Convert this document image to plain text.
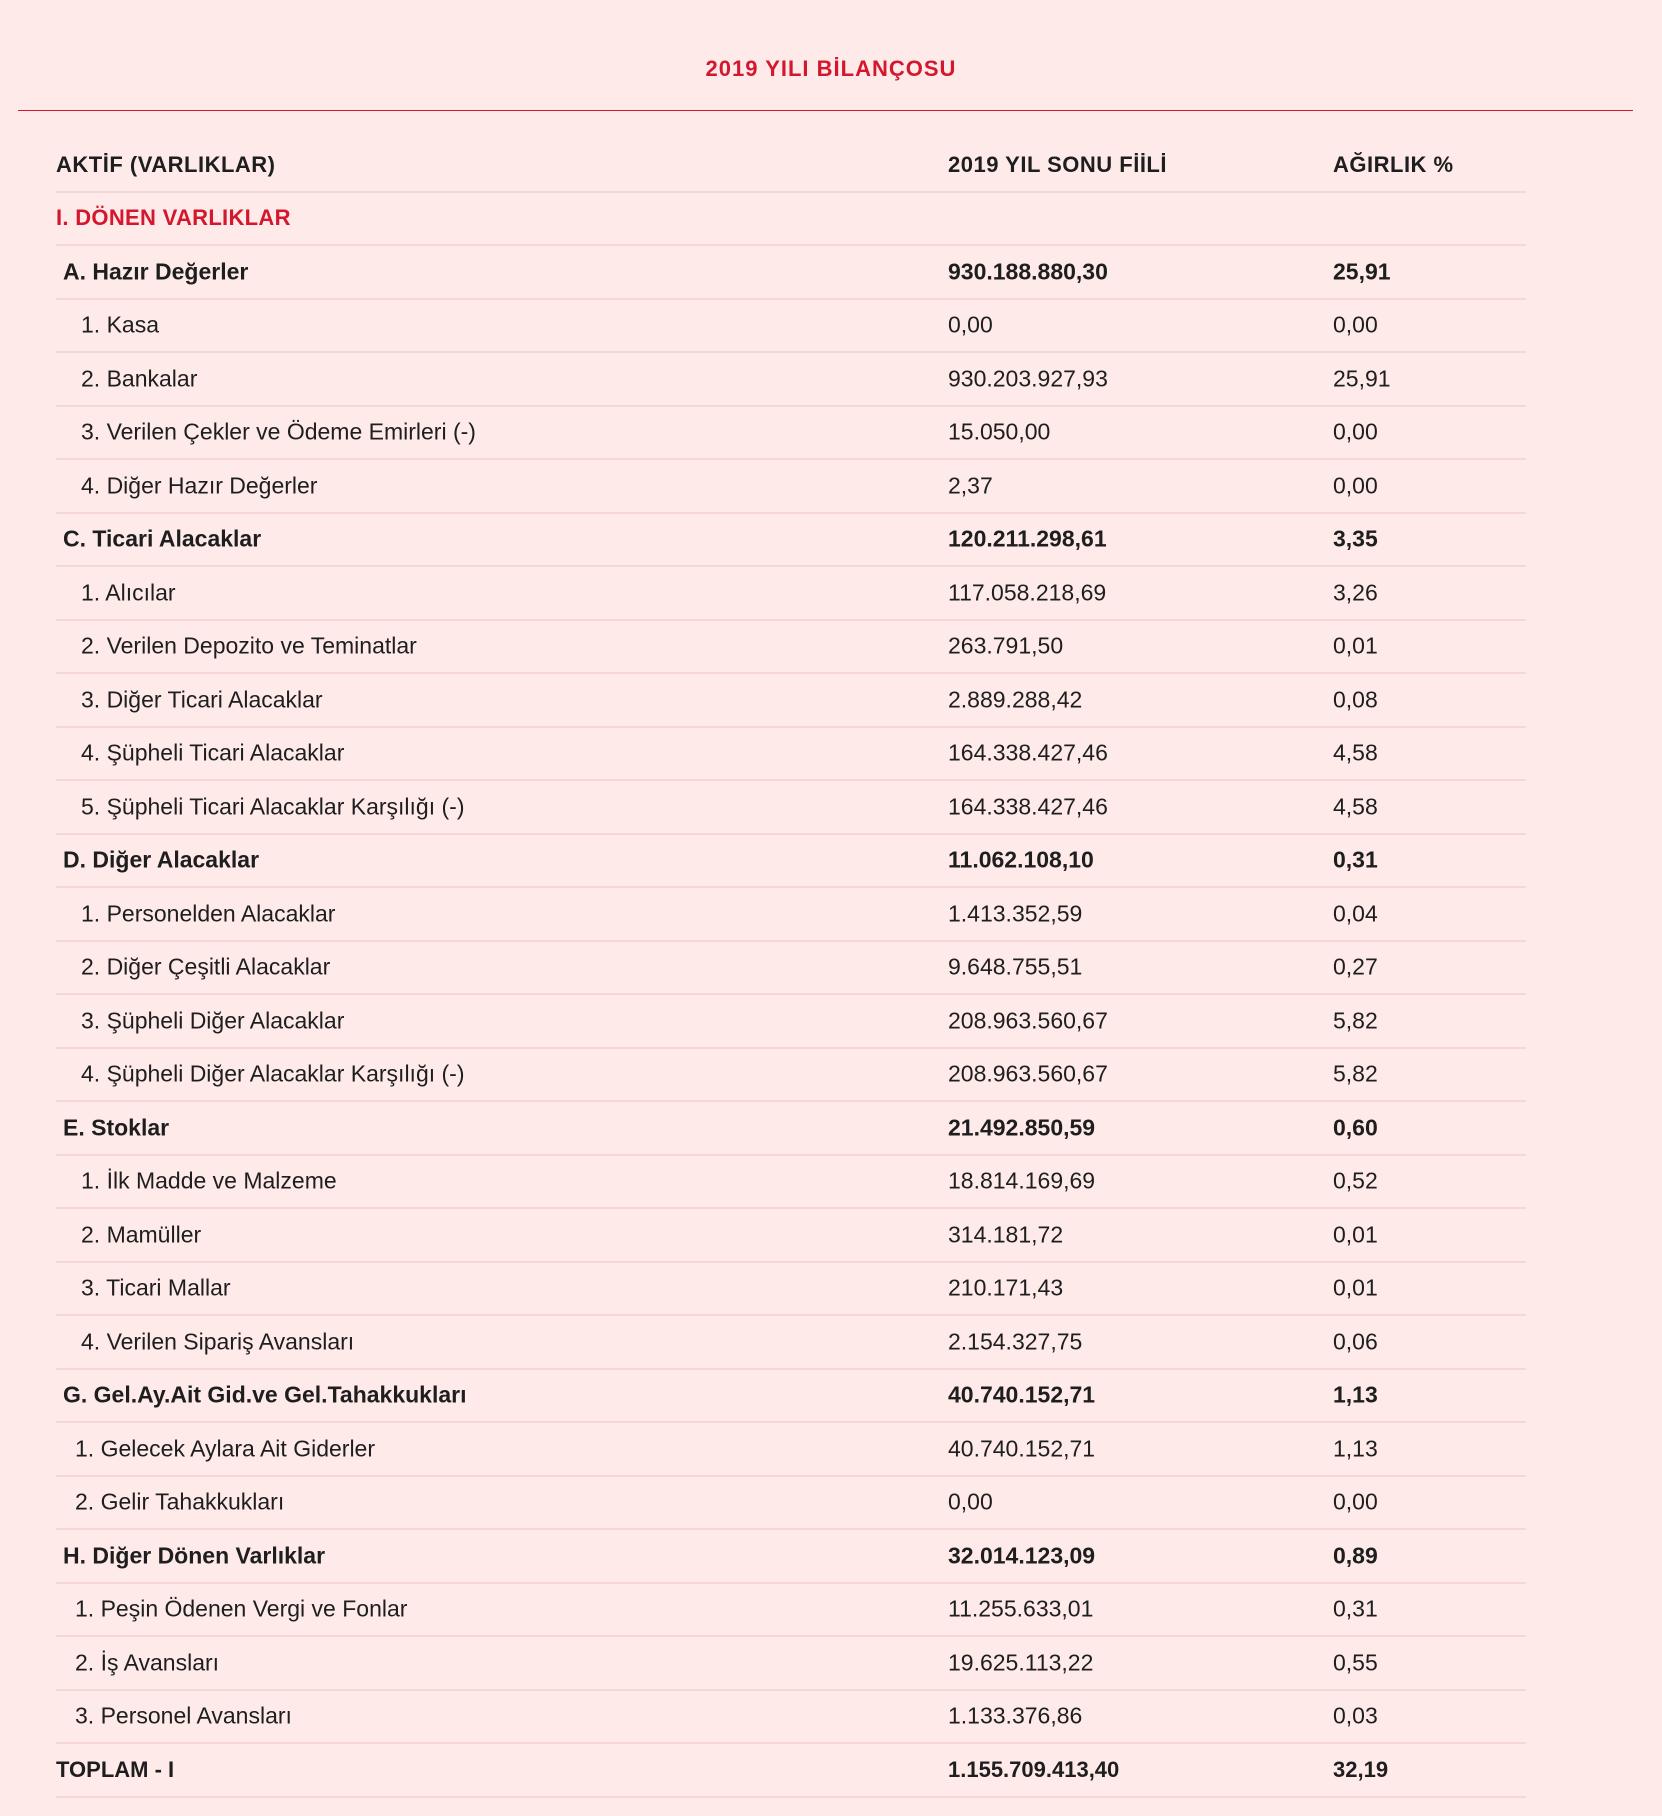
2019 YILI BİLANÇOSU
AKTİF (VARLIKLAR)	2019 YIL SONU FİİLİ	AĞIRLIK %
I. DÖNEN VARLIKLAR
A. Hazır Değerler	930.188.880,30	25,91
1. Kasa	0,00	0,00
2. Bankalar	930.203.927,93	25,91
3. Verilen Çekler ve Ödeme Emirleri (-)	15.050,00	0,00
4. Diğer Hazır Değerler	2,37	0,00
C. Ticari Alacaklar	120.211.298,61	3,35
1. Alıcılar	117.058.218,69	3,26
2. Verilen Depozito ve Teminatlar	263.791,50	0,01
3. Diğer Ticari Alacaklar	2.889.288,42	0,08
4. Şüpheli Ticari Alacaklar	164.338.427,46	4,58
5. Şüpheli Ticari Alacaklar Karşılığı (-)	164.338.427,46	4,58
D. Diğer Alacaklar	11.062.108,10	0,31
1. Personelden Alacaklar	1.413.352,59	0,04
2. Diğer Çeşitli Alacaklar	9.648.755,51	0,27
3. Şüpheli Diğer Alacaklar	208.963.560,67	5,82
4. Şüpheli Diğer Alacaklar Karşılığı (-)	208.963.560,67	5,82
E. Stoklar	21.492.850,59	0,60
1. İlk Madde ve Malzeme	18.814.169,69	0,52
2. Mamüller	314.181,72	0,01
3. Ticari Mallar	210.171,43	0,01
4. Verilen Sipariş Avansları	2.154.327,75	0,06
G. Gel.Ay.Ait Gid.ve Gel.Tahakkukları	40.740.152,71	1,13
1. Gelecek Aylara Ait Giderler	40.740.152,71	1,13
2. Gelir Tahakkukları	0,00	0,00
H. Diğer Dönen Varlıklar	32.014.123,09	0,89
1. Peşin Ödenen Vergi ve Fonlar	11.255.633,01	0,31
2. İş Avansları	19.625.113,22	0,55
3. Personel Avansları	1.133.376,86	0,03
TOPLAM - I	1.155.709.413,40	32,19
